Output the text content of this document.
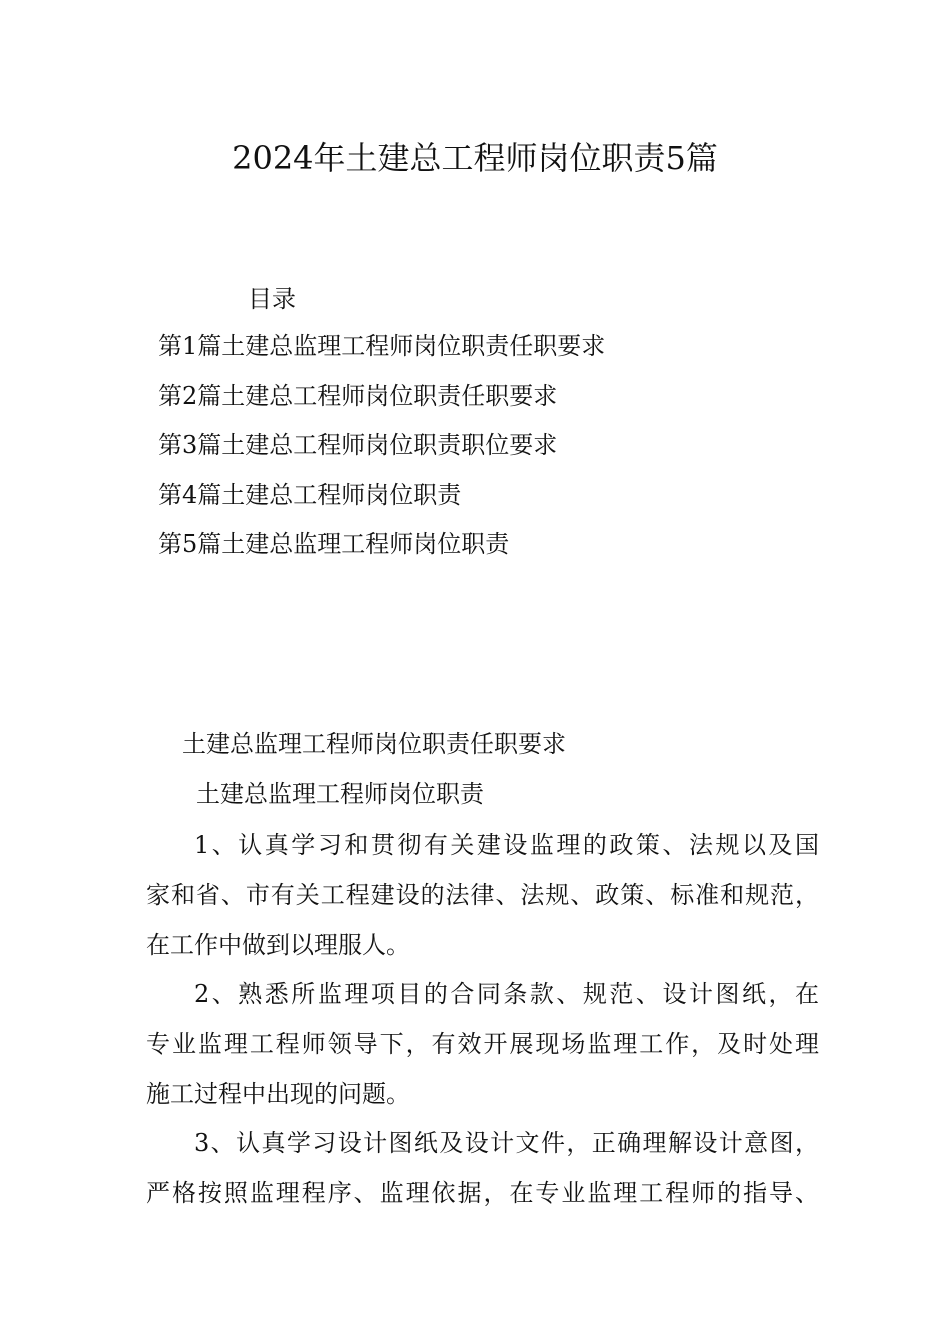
2024年土建总工程师岗位职责5篇
目录
第1篇土建总监理工程师岗位职责任职要求
第2篇土建总工程师岗位职责任职要求
第3篇土建总工程师岗位职责职位要求
第4篇土建总工程师岗位职责
第5篇土建总监理工程师岗位职责
土建总监理工程师岗位职责任职要求
土建总监理工程师岗位职责
1、认真学习和贯彻有关建设监理的政策、法规以及国
家和省、市有关工程建设的法律、法规、政策、标准和规范，
在工作中做到以理服人。
2、熟悉所监理项目的合同条款、规范、设计图纸，在
专业监理工程师领导下，有效开展现场监理工作，及时处理
施工过程中出现的问题。
3、认真学习设计图纸及设计文件，正确理解设计意图，
严格按照监理程序、监理依据，在专业监理工程师的指导、
